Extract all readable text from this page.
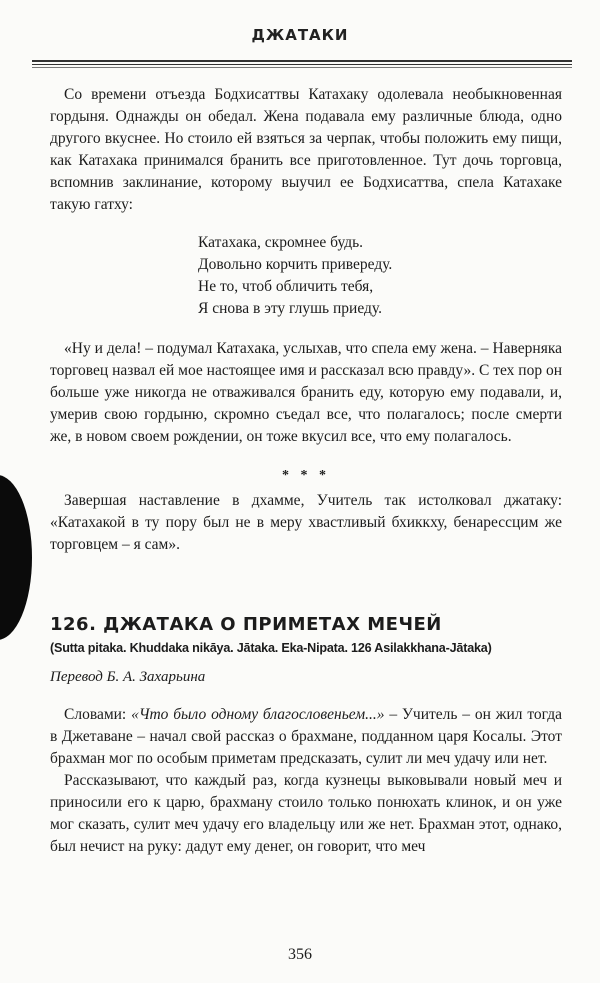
ДЖАТАКИ

Со времени отъезда Бодхисаттвы Катахаку одолевала необыкновенная гордыня. Однажды он обедал. Жена подавала ему различные блюда, одно другого вкуснее. Но стоило ей взяться за черпак, чтобы положить ему пищи, как Катахака принимался бранить все приготовленное. Тут дочь торговца, вспомнив заклинание, которому выучил ее Бодхисаттва, спела Катахаке такую гатху:

Катахака, скромнее будь.
Довольно корчить привереду.
Не то, чтоб обличить тебя,
Я снова в эту глушь приеду.

«Ну и дела! – подумал Катахака, услыхав, что спела ему жена. – Наверняка торговец назвал ей мое настоящее имя и рассказал всю правду». С тех пор он больше уже никогда не отваживался бранить еду, которую ему подавали, и, умерив свою гордыню, скромно съедал все, что полагалось; после смерти же, в новом своем рождении, он тоже вкусил все, что ему полагалось.

* * *

Завершая наставление в дхамме, Учитель так истолковал джатаку: «Катахакой в ту пору был не в меру хвастливый бхиккху, бенарессцим же торговцем – я сам».

126. ДЖАТАКА О ПРИМЕТАХ МЕЧЕЙ
(Sutta pitaka. Khuddaka nikāya. Jātaka. Eka-Nipata. 126 Asilakkhana-Jātaka)
Перевод Б. А. Захарьина

Словами: «Что было одному благословеньем...» – Учитель – он жил тогда в Джетаване – начал свой рассказ о брахмане, подданном царя Косалы. Этот брахман мог по особым приметам предсказать, сулит ли меч удачу или нет.

Рассказывают, что каждый раз, когда кузнецы выковывали новый меч и приносили его к царю, брахману стоило только понюхать клинок, и он уже мог сказать, сулит меч удачу его владельцу или же нет. Брахман этот, однако, был нечист на руку: дадут ему денег, он говорит, что меч

356
